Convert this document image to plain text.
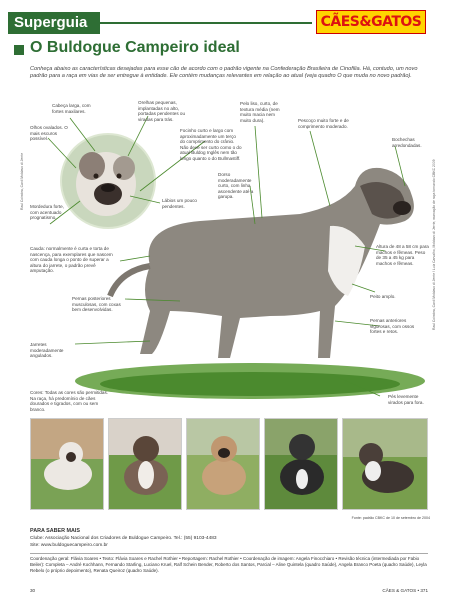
Superguia	CÃES&GATOS
O Buldogue Campeiro ideal
Conheça abaixo as características desejadas para esse cão de acordo com o padrão vigente na Confederação Brasileira de Cinofilia. Há, contudo, um novo padrão para a raça em vias de ser entregue à entidade. Ele contém mudanças relevantes em relação ao atual (veja quadro O que muda no novo padrão).
Cabeça larga, com fortes maxilares.
Olhos ovalados. O mais escuros possível.
Orelhas pequenas, implantadas no alto, portadas pendentes ou viradas para trás.
Focinho curto e largo com aproximadamente um terço do comprimento do crânio. Não deve ser curto como o do atual Buldog Inglês nem tão longo quanto o do Bullmastiff.
Pelo liso, curto, de textura média (nem muito macia nem muito dura).	Pescoço muito forte e de comprimento moderado.
Bochechas arredondadas.
Mordedura forte, com acentuado prognatismo.
Lábios um pouco pendentes.
Dorso moderadamente curto, com linha ascendente até a garupa.
Cauda: normalmente é curta e torta de nascença, para exemplares que nascem com cauda longa o ponto de superar a altura do jarrete, o padrão prevê amputação.
Altura de 48 a 58 cm para machos e fêmeas. Peso de 35 a 45 kg para machos e fêmeas.
Peito amplo.
Pernas posteriores musculosas, com coxas bem desenvolvidas.
Pernas anteriores vigorosas, com ossos fortes e retos.
Jarretes moderadamente angulados.
Cores: Todas as cores são permitidas. Na raça, há predomínio de cães dourados e tigrados, com ou sem branco.
Pés levemente virados para fora.
Raul Coimbra, Canil Moldavo di Jerrie	Raul Coimbra, Canil Moldavo di Jerrie / Luiz Carvalho, Moldavo di Jerrie, marcação de raça tornando CBKC 2009
Fonte: padrão CBKC de 10 de setembro de 2004
PARA SABER MAIS
Clube: Associação Nacional dos Criadores de Buldogue Campeiro. Tel.: (55) 9103-4483
Site: www.buldoguecampeiro.com.br
Coordenação geral: Flávia Soares • Texto: Flávia Soares e Rachel Rothier • Reportagem: Rachel Rothier • Coordenação de imagem: Angela Finocchiaro • Revisão técnica (intermediada por Fabio Beiler): Completa – André Kochhann, Fernando Starling, Luciano Kruel, Ralf Schein Bender, Roberto dos Santos, Parcial – Aline Quintela (quadro Saúde), Angela Branco Poeta (quadro Saúde), Leyla Rebelo (o próprio depoimento), Renata Queiroz (quadro Saúde).
30	CÃES & GATOS • 371
